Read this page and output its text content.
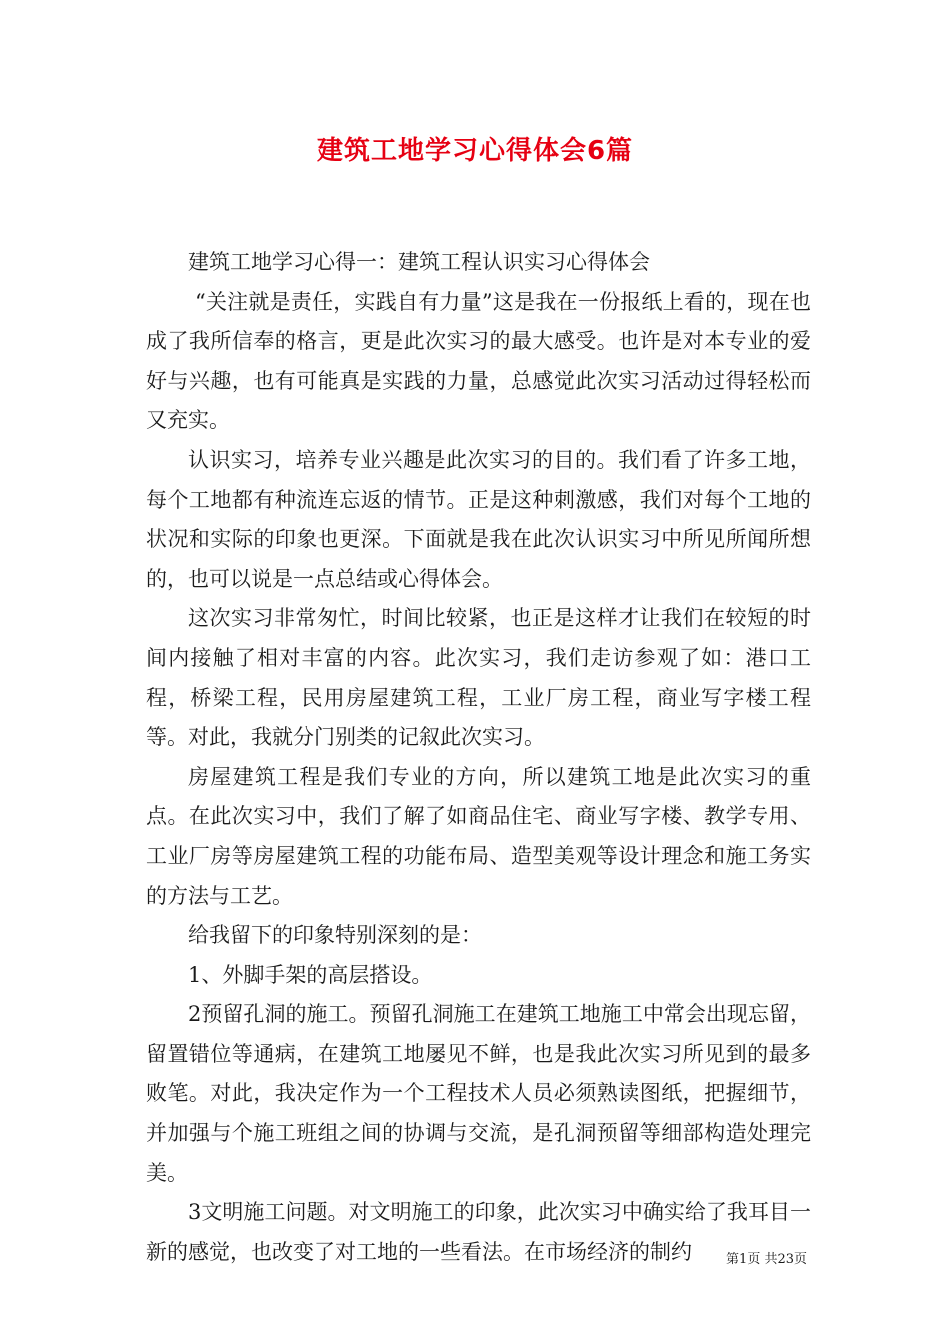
建筑工地学习心得体会6篇

建筑工地学习心得一：建筑工程认识实习心得体会

“关注就是责任，实践自有力量”这是我在一份报纸上看的，现在也成了我所信奉的格言，更是此次实习的最大感受。也许是对本专业的爱好与兴趣，也有可能真是实践的力量，总感觉此次实习活动过得轻松而又充实。

认识实习，培养专业兴趣是此次实习的目的。我们看了许多工地，每个工地都有种流连忘返的情节。正是这种刺激感，我们对每个工地的状况和实际的印象也更深。下面就是我在此次认识实习中所见所闻所想的，也可以说是一点总结或心得体会。

这次实习非常匆忙，时间比较紧，也正是这样才让我们在较短的时间内接触了相对丰富的内容。此次实习，我们走访参观了如：港口工程，桥梁工程，民用房屋建筑工程，工业厂房工程，商业写字楼工程等。对此，我就分门别类的记叙此次实习。

房屋建筑工程是我们专业的方向，所以建筑工地是此次实习的重点。在此次实习中，我们了解了如商品住宅、商业写字楼、教学专用、工业厂房等房屋建筑工程的功能布局、造型美观等设计理念和施工务实的方法与工艺。

给我留下的印象特别深刻的是：

1、外脚手架的高层搭设。

2预留孔洞的施工。预留孔洞施工在建筑工地施工中常会出现忘留，留置错位等通病，在建筑工地屡见不鲜，也是我此次实习所见到的最多败笔。对此，我决定作为一个工程技术人员必须熟读图纸，把握细节，并加强与个施工班组之间的协调与交流，是孔洞预留等细部构造处理完美。

3文明施工问题。对文明施工的印象，此次实习中确实给了我耳目一新的感觉，也改变了对工地的一些看法。在市场经济的制约	第1页 共23页
